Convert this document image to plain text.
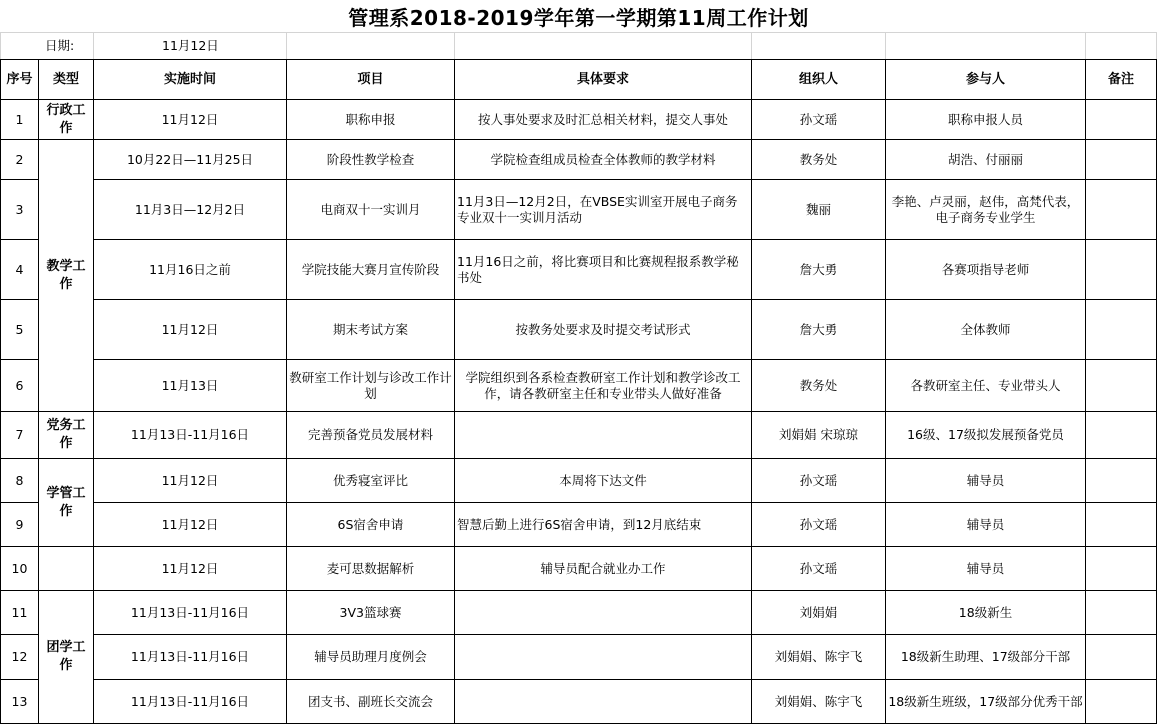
管理系2018-2019学年第一学期第11周工作计划
日期:		11月12日					
序号	类型	实施时间	项目	具体要求	组织人	参与人	备注
1	行政工作	11月12日	职称申报	按人事处要求及时汇总相关材料，提交人事处	孙文瑶	职称申报人员	
2	教学工作	10月22日—11月25日	阶段性教学检查	学院检查组成员检查全体教师的教学材料	教务处	胡浩、付丽丽	
3		11月3日—12月2日	电商双十一实训月	11月3日—12月2日，在VBSE实训室开展电子商务专业双十一实训月活动	魏丽	李艳、卢灵丽，赵伟，高梵代表，电子商务专业学生	
4		11月16日之前	学院技能大赛月宣传阶段	11月16日之前，将比赛项目和比赛规程报系教学秘书处	詹大勇	各赛项指导老师	
5		11月12日	期末考试方案	按教务处要求及时提交考试形式	詹大勇	全体教师	
6		11月13日	教研室工作计划与诊改工作计划	学院组织到各系检查教研室工作计划和教学诊改工作，请各教研室主任和专业带头人做好准备	教务处	各教研室主任、专业带头人	
7	党务工作	11月13日-11月16日	完善预备党员发展材料		刘娟娟 宋琼琼	16级、17级拟发展预备党员	
8	学管工作	11月12日	优秀寝室评比	本周将下达文件	孙文瑶	辅导员	
9		11月12日	6S宿舍申请	智慧后勤上进行6S宿舍申请，到12月底结束	孙文瑶	辅导员	
10		11月12日	麦可思数据解析	辅导员配合就业办工作	孙文瑶	辅导员	
11	团学工作	11月13日-11月16日	3V3篮球赛		刘娟娟	18级新生	
12		11月13日-11月16日	辅导员助理月度例会		刘娟娟、陈宇飞	18级新生助理、17级部分干部	
13		11月13日-11月16日	团支书、副班长交流会		刘娟娟、陈宇飞	18级新生班级，17级部分优秀干部	
